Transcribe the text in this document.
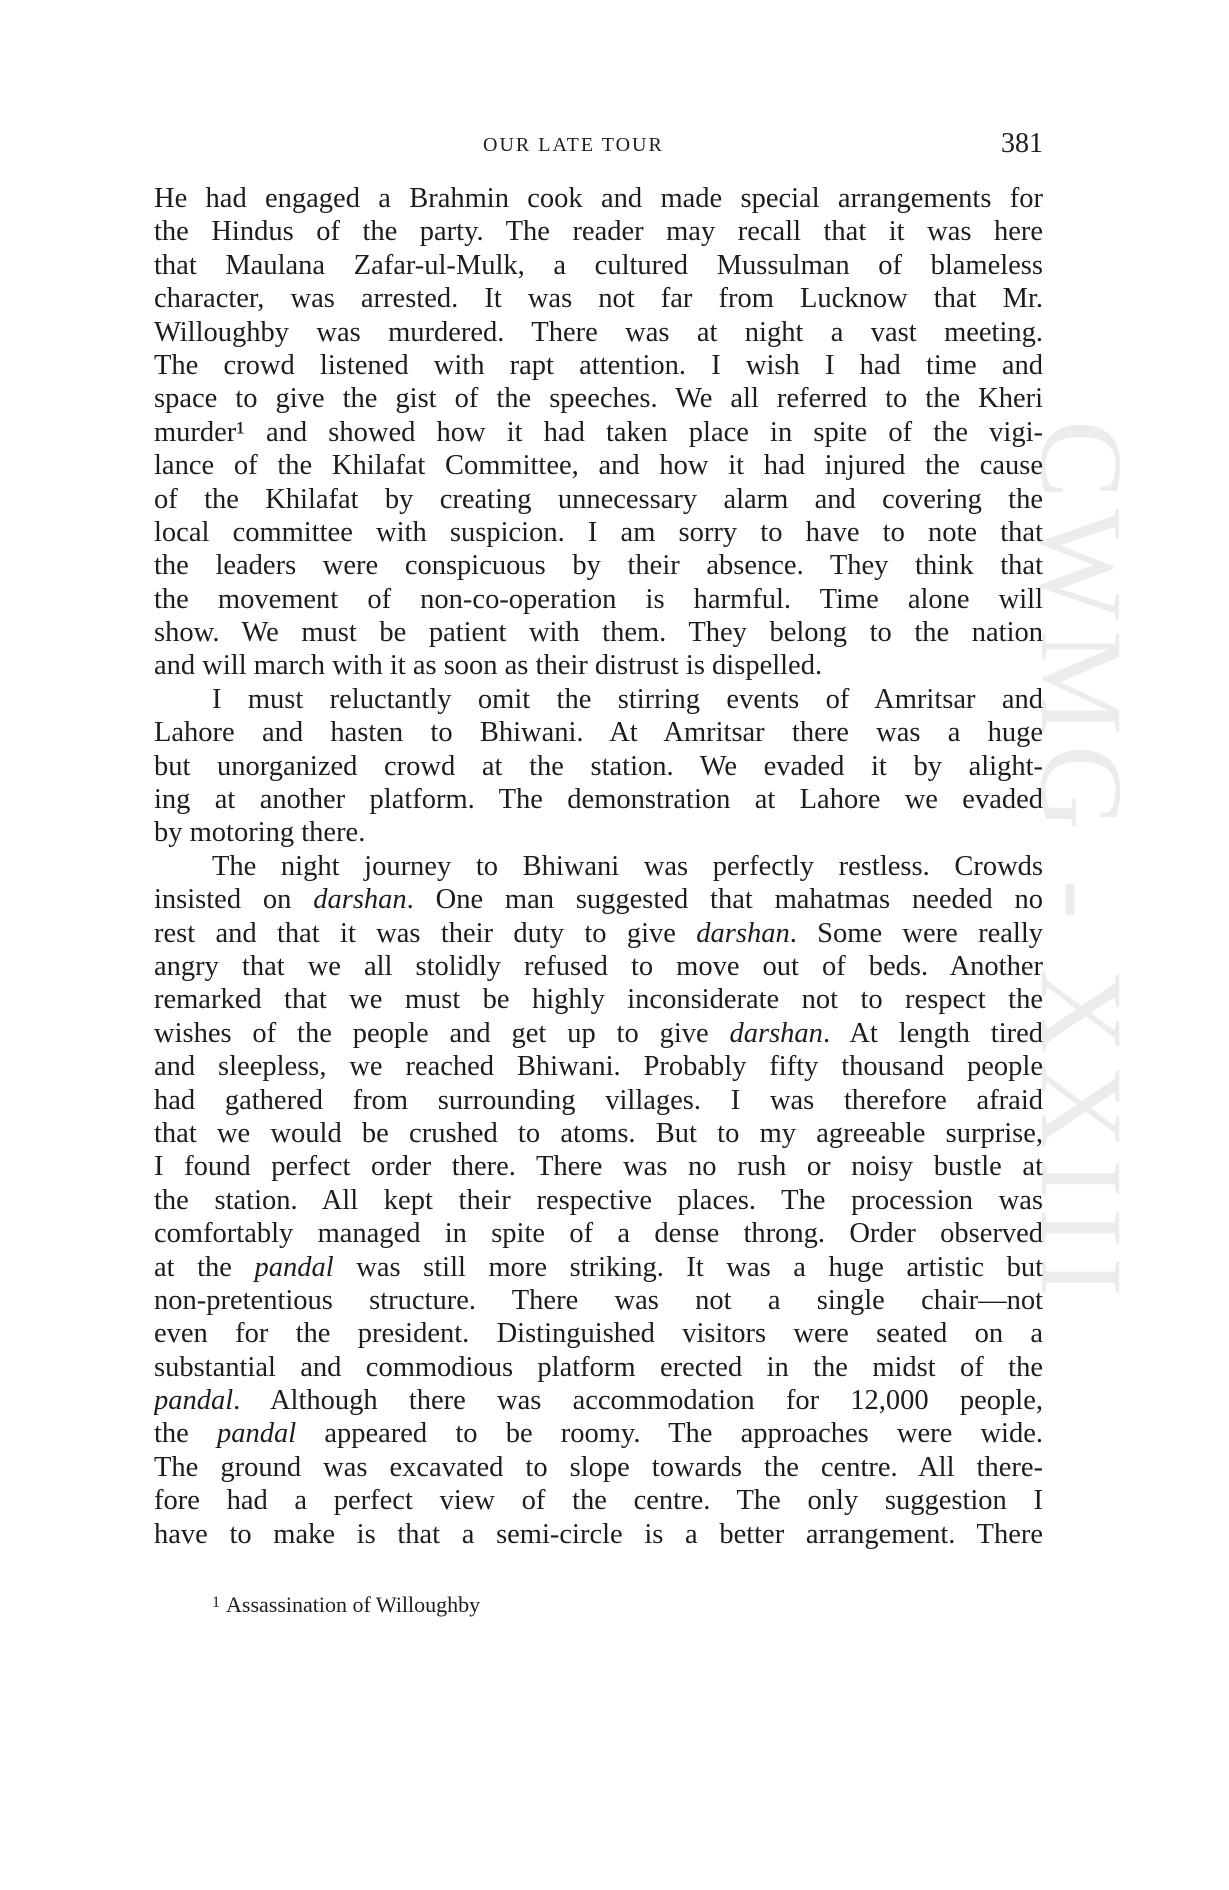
CWMG - XXIII
OUR LATE TOUR	381
He had engaged a Brahmin cook and made special arrangements for
the Hindus of the party. The reader may recall that it was here
that Maulana Zafar-ul-Mulk, a cultured Mussulman of blameless
character, was arrested. It was not far from Lucknow that Mr.
Willoughby was murdered. There was at night a vast meeting.
The crowd listened with rapt attention. I wish I had time and
space to give the gist of the speeches. We all referred to the Kheri
murder¹ and showed how it had taken place in spite of the vigi-
lance of the Khilafat Committee, and how it had injured the cause
of the Khilafat by creating unnecessary alarm and covering the
local committee with suspicion. I am sorry to have to note that
the leaders were conspicuous by their absence. They think that
the movement of non-co-operation is harmful. Time alone will
show. We must be patient with them. They belong to the nation
and will march with it as soon as their distrust is dispelled.
I must reluctantly omit the stirring events of Amritsar and
Lahore and hasten to Bhiwani. At Amritsar there was a huge
but unorganized crowd at the station. We evaded it by alight-
ing at another platform. The demonstration at Lahore we evaded
by motoring there.
The night journey to Bhiwani was perfectly restless. Crowds
insisted on darshan. One man suggested that mahatmas needed no
rest and that it was their duty to give darshan. Some were really
angry that we all stolidly refused to move out of beds. Another
remarked that we must be highly inconsiderate not to respect the
wishes of the people and get up to give darshan. At length tired
and sleepless, we reached Bhiwani. Probably fifty thousand people
had gathered from surrounding villages. I was therefore afraid
that we would be crushed to atoms. But to my agreeable surprise,
I found perfect order there. There was no rush or noisy bustle at
the station. All kept their respective places. The procession was
comfortably managed in spite of a dense throng. Order observed
at the pandal was still more striking. It was a huge artistic but
non-pretentious structure. There was not a single chair—not
even for the president. Distinguished visitors were seated on a
substantial and commodious platform erected in the midst of the
pandal. Although there was accommodation for 12,000 people,
the pandal appeared to be roomy. The approaches were wide.
The ground was excavated to slope towards the centre. All there-
fore had a perfect view of the centre. The only suggestion I
have to make is that a semi-circle is a better arrangement. There
$^1$ Assassination of Willoughby
